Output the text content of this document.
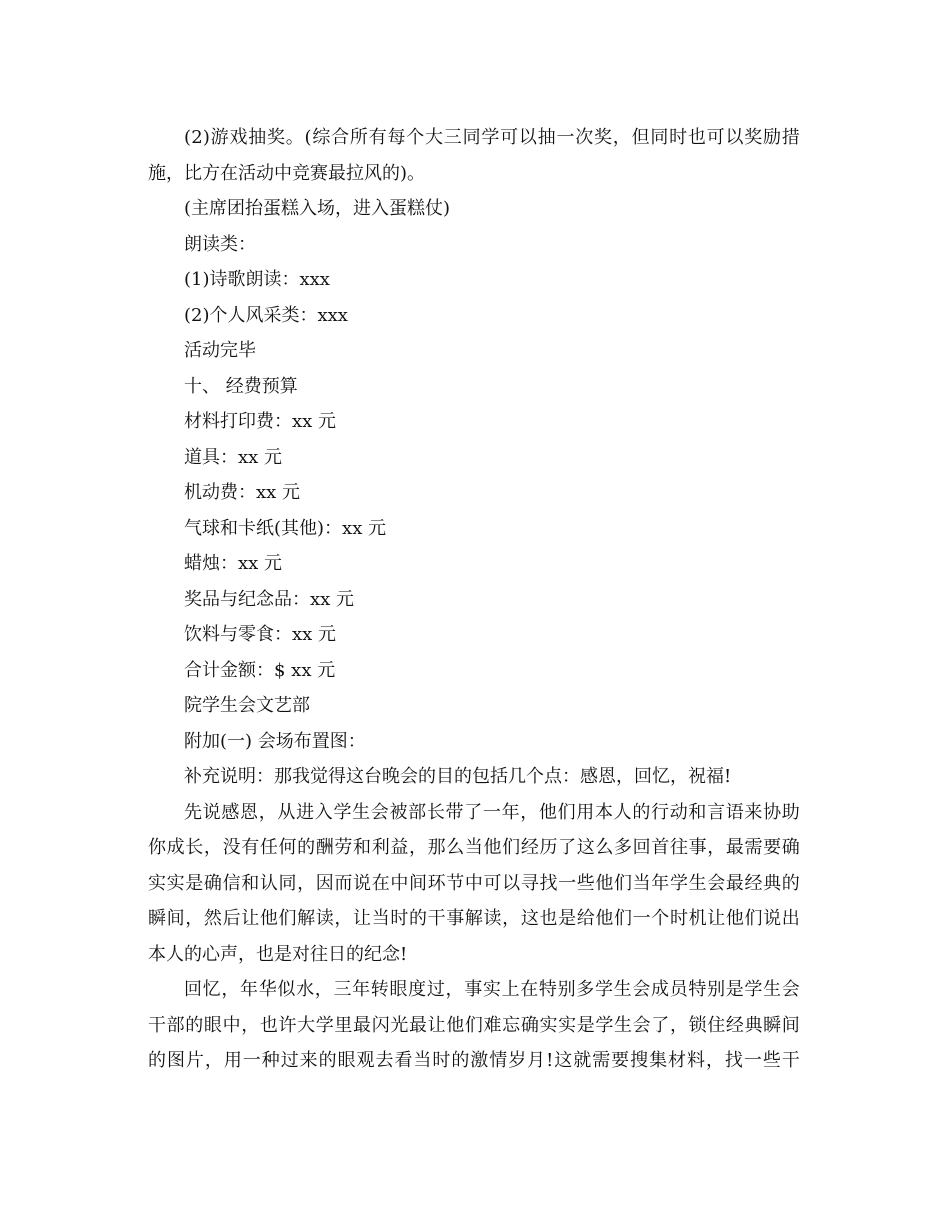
(2)游戏抽奖。(综合所有每个大三同学可以抽一次奖，但同时也可以奖励措
施，比方在活动中竞赛最拉风的)。
(主席团抬蛋糕入场，进入蛋糕仗)
朗读类：
(1)诗歌朗读：xxx
(2)个人风采类：xxx
活动完毕
十、 经费预算
材料打印费：xx 元
道具：xx 元
机动费：xx 元
气球和卡纸(其他)：xx 元
蜡烛：xx 元
奖品与纪念品：xx 元
饮料与零食：xx 元
合计金额：$ xx 元
院学生会文艺部
附加(一) 会场布置图：
补充说明：那我觉得这台晚会的目的包括几个点：感恩，回忆，祝福!
先说感恩，从进入学生会被部长带了一年，他们用本人的行动和言语来协助
你成长，没有任何的酬劳和利益，那么当他们经历了这么多回首往事，最需要确
实实是确信和认同，因而说在中间环节中可以寻找一些他们当年学生会最经典的
瞬间，然后让他们解读，让当时的干事解读，这也是给他们一个时机让他们说出
本人的心声，也是对往日的纪念!
回忆，年华似水，三年转眼度过，事实上在特别多学生会成员特别是学生会
干部的眼中，也许大学里最闪光最让他们难忘确实实是学生会了，锁住经典瞬间
的图片，用一种过来的眼观去看当时的激情岁月!这就需要搜集材料，找一些干
